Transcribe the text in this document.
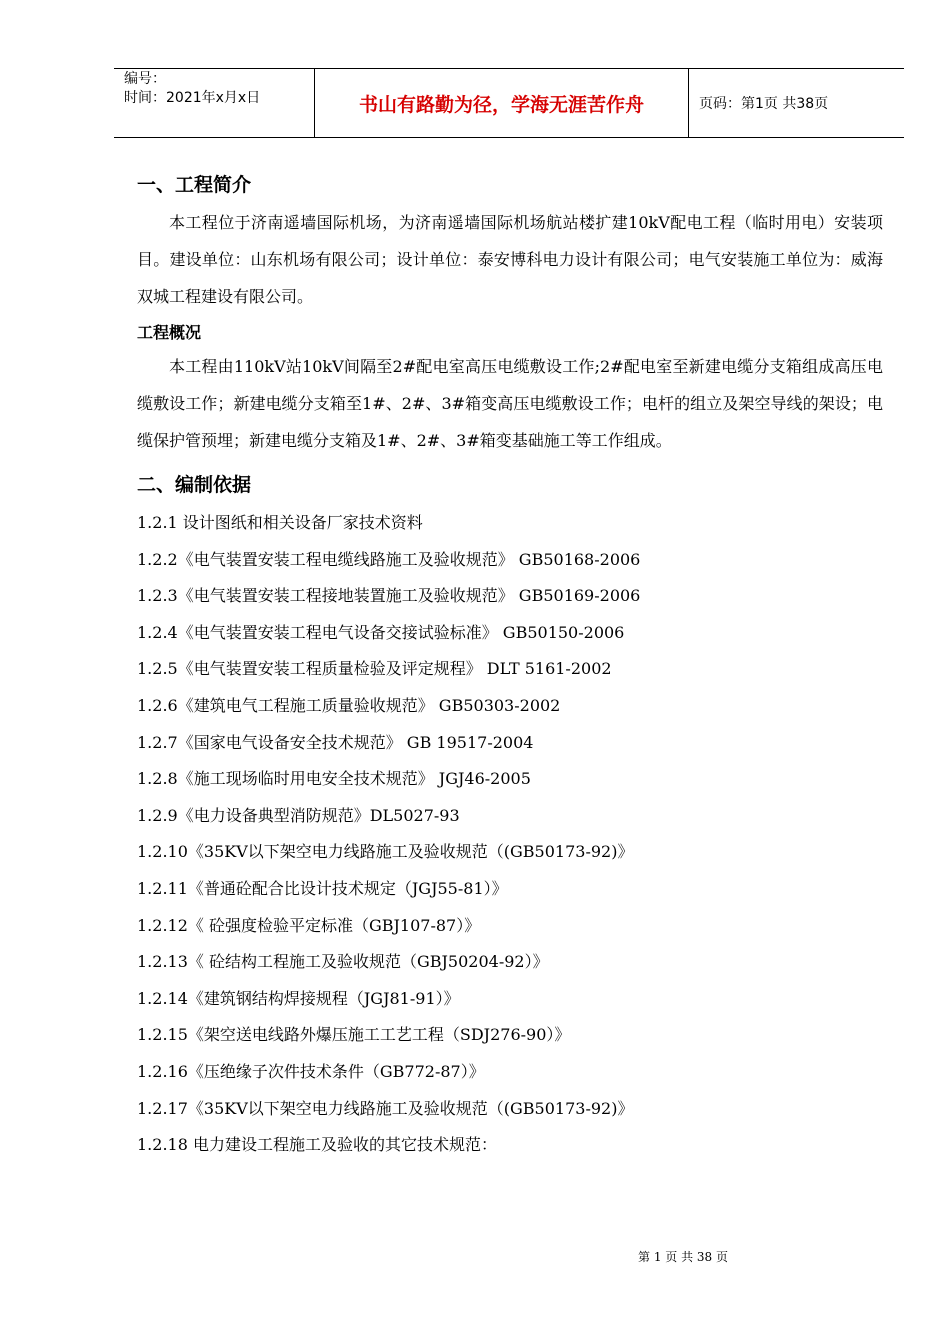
编号：
时间：2021年x月x日	书山有路勤为径，学海无涯苦作舟	页码：第1页 共38页
一、工程简介

本工程位于济南遥墙国际机场，为济南遥墙国际机场航站楼扩建10kV配电工程（临时用电）安装项目。建设单位：山东机场有限公司；设计单位：泰安博科电力设计有限公司；电气安装施工单位为：威海双城工程建设有限公司。

工程概况

本工程由110kV站10kV间隔至2#配电室高压电缆敷设工作;2#配电室至新建电缆分支箱组成高压电缆敷设工作；新建电缆分支箱至1#、2#、3#箱变高压电缆敷设工作；电杆的组立及架空导线的架设；电缆保护管预埋；新建电缆分支箱及1#、2#、3#箱变基础施工等工作组成。

二、编制依据
1.2.1 设计图纸和相关设备厂家技术资料
1.2.2《电气装置安装工程电缆线路施工及验收规范》 GB50168-2006
1.2.3《电气装置安装工程接地装置施工及验收规范》 GB50169-2006
1.2.4《电气装置安装工程电气设备交接试验标准》 GB50150-2006
1.2.5《电气装置安装工程质量检验及评定规程》 DLT 5161-2002
1.2.6《建筑电气工程施工质量验收规范》 GB50303-2002
1.2.7《国家电气设备安全技术规范》 GB 19517-2004
1.2.8《施工现场临时用电安全技术规范》 JGJ46-2005
1.2.9《电力设备典型消防规范》DL5027-93
1.2.10《35KV以下架空电力线路施工及验收规范（(GB50173-92)》
1.2.11《普通砼配合比设计技术规定（JGJ55-81）》
1.2.12《 砼强度检验平定标准（GBJ107-87）》
1.2.13《 砼结构工程施工及验收规范（GBJ50204-92）》
1.2.14《建筑钢结构焊接规程（JGJ81-91）》
1.2.15《架空送电线路外爆压施工工艺工程（SDJ276-90）》
1.2.16《压绝缘子次件技术条件（GB772-87）》
1.2.17《35KV以下架空电力线路施工及验收规范（(GB50173-92)》
1.2.18 电力建设工程施工及验收的其它技术规范：
第 1 页 共 38 页
